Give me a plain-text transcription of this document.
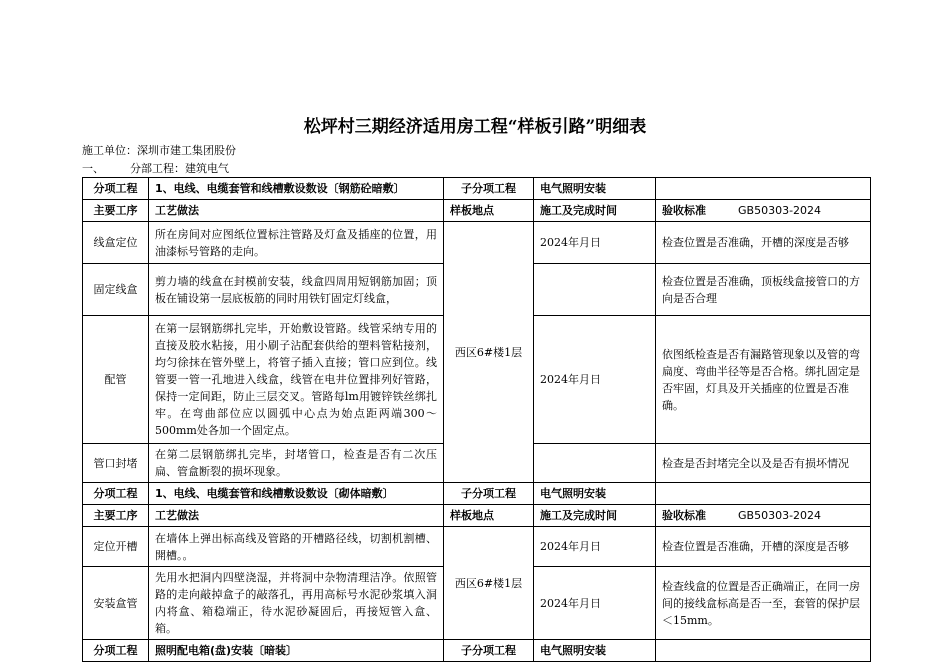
松坪村三期经济适用房工程“样板引路”明细表
施工单位：深圳市建工集团股份
一、 分部工程：建筑电气
分项工程	1、电线、电缆套管和线槽敷设数设〔钢筋砼暗敷〕	子分项工程	电气照明安装	
主要工序	工艺做法	样板地点	施工及完成时间	验收标准 GB50303-2024
线盒定位	所在房间对应图纸位置标注管路及灯盒及插座的位置，用油漆标号管路的走向。	西区6#楼1层	2024年月日	检查位置是否准确，开槽的深度是否够
固定线盒	剪力墙的线盒在封模前安装，线盒四周用短钢筋加固；顶板在铺设第一层底板筋的同时用铁钉固定灯线盒，			检查位置是否准确，顶板线盒接管口的方向是否合理
配管	在第一层钢筋绑扎完毕，开始敷设管路。线管采纳专用的直接及胶水粘接，用小刷子沾配套供给的塑料管粘接剂，均匀徐抹在管外壁上，将管子插入直接；管口应到位。线管要一管一孔地进入线盒，线管在电井位置排列好管路，保持一定间距，防止三层交叉。管路每lm用镀锌铁丝绑扎牢。在弯曲部位应以圆弧中心点为始点距两端300～500mm处各加一个固定点。		2024年月日	依图纸检查是否有漏路管现象以及管的弯扁度、弯曲半径等是否合格。绑扎固定是否牢固，灯具及开关插座的位置是否准确。
管口封堵	在第二层钢筋绑扎完毕，封堵管口，检查是否有二次压扁、管盒断裂的损坏现象。			检查是否封堵完全以及是否有损坏情况
分项工程	1、电线、电缆套管和线槽敷设数设〔砌体暗敷〕	子分项工程	电气照明安装	
主要工序	工艺做法	样板地点	施工及完成时间	验收标准 GB50303-2024
定位开槽	在墙体上弹出标高线及管路的开槽路径线，切割机割槽、開槽。。	西区6#楼1层	2024年月日	检查位置是否准确，开槽的深度是否够
安装盒管	先用水把洞内四壁浇湿，并将洞中杂物清理洁净。依照管路的走向敲掉盒子的敲落孔，再用高标号水泥砂浆填入洞内将盒、箱稳端正，待水泥砂凝固后，再接短管入盒、箱。		2024年月日	检查线盒的位置是否正确端正，在同一房间的接线盒标高是否一至，套管的保护层＜15mm。
分项工程	照明配电箱(盘)安装〔暗装〕	子分项工程	电气照明安装	
